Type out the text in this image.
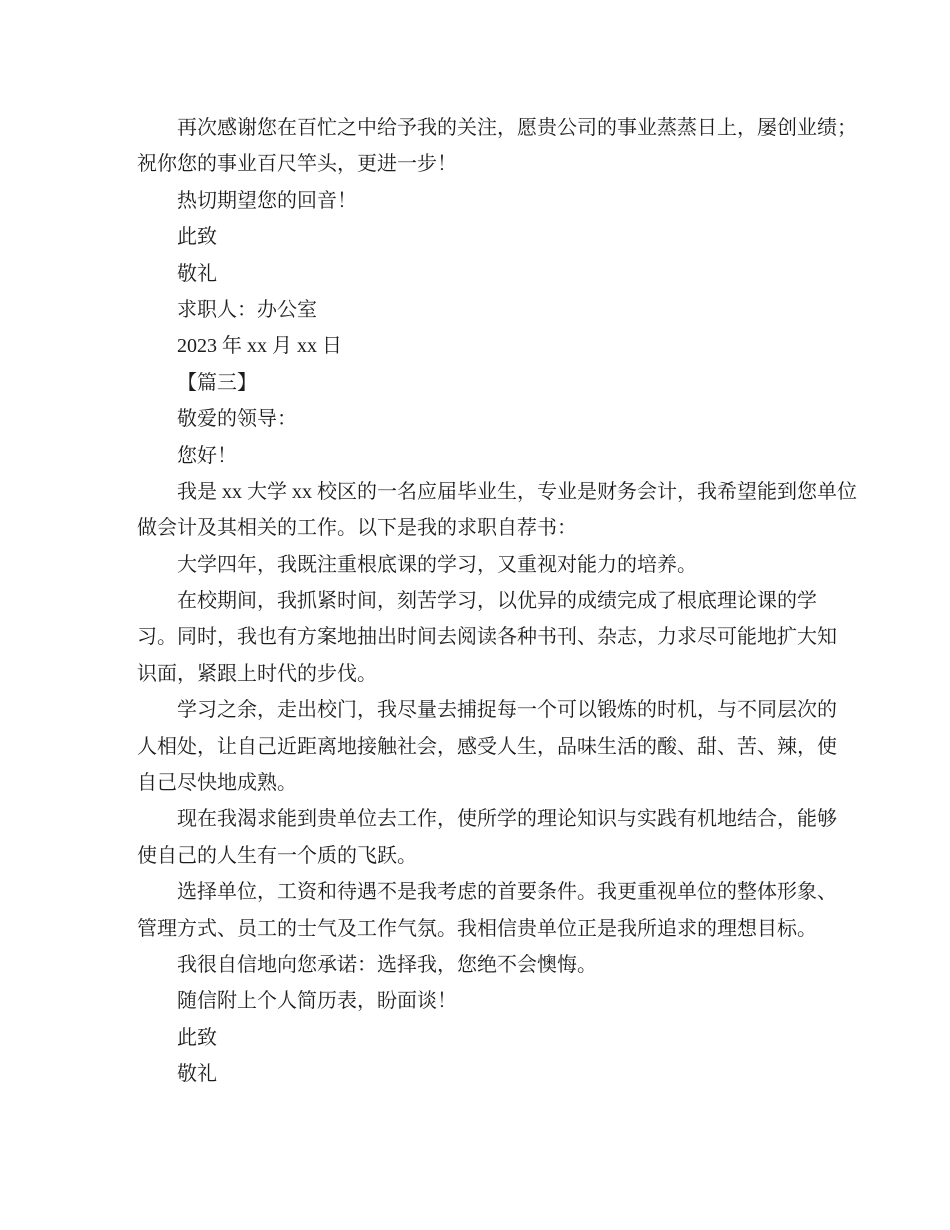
再次感谢您在百忙之中给予我的关注，愿贵公司的事业蒸蒸日上，屡创业绩；
祝你您的事业百尺竿头，更进一步！
热切期望您的回音！
此致
敬礼
求职人：办公室
2023 年 xx 月 xx 日
【篇三】
敬爱的领导：
您好！
我是 xx 大学 xx 校区的一名应届毕业生，专业是财务会计，我希望能到您单位
做会计及其相关的工作。以下是我的求职自荐书：
大学四年，我既注重根底课的学习，又重视对能力的培养。
在校期间，我抓紧时间，刻苦学习，以优异的成绩完成了根底理论课的学
习。同时，我也有方案地抽出时间去阅读各种书刊、杂志，力求尽可能地扩大知
识面，紧跟上时代的步伐。
学习之余，走出校门，我尽量去捕捉每一个可以锻炼的时机，与不同层次的
人相处，让自己近距离地接触社会，感受人生，品味生活的酸、甜、苦、辣，使
自己尽快地成熟。
现在我渴求能到贵单位去工作，使所学的理论知识与实践有机地结合，能够
使自己的人生有一个质的飞跃。
选择单位，工资和待遇不是我考虑的首要条件。我更重视单位的整体形象、
管理方式、员工的士气及工作气氛。我相信贵单位正是我所追求的理想目标。
我很自信地向您承诺：选择我，您绝不会懊悔。
随信附上个人简历表，盼面谈！
此致
敬礼
